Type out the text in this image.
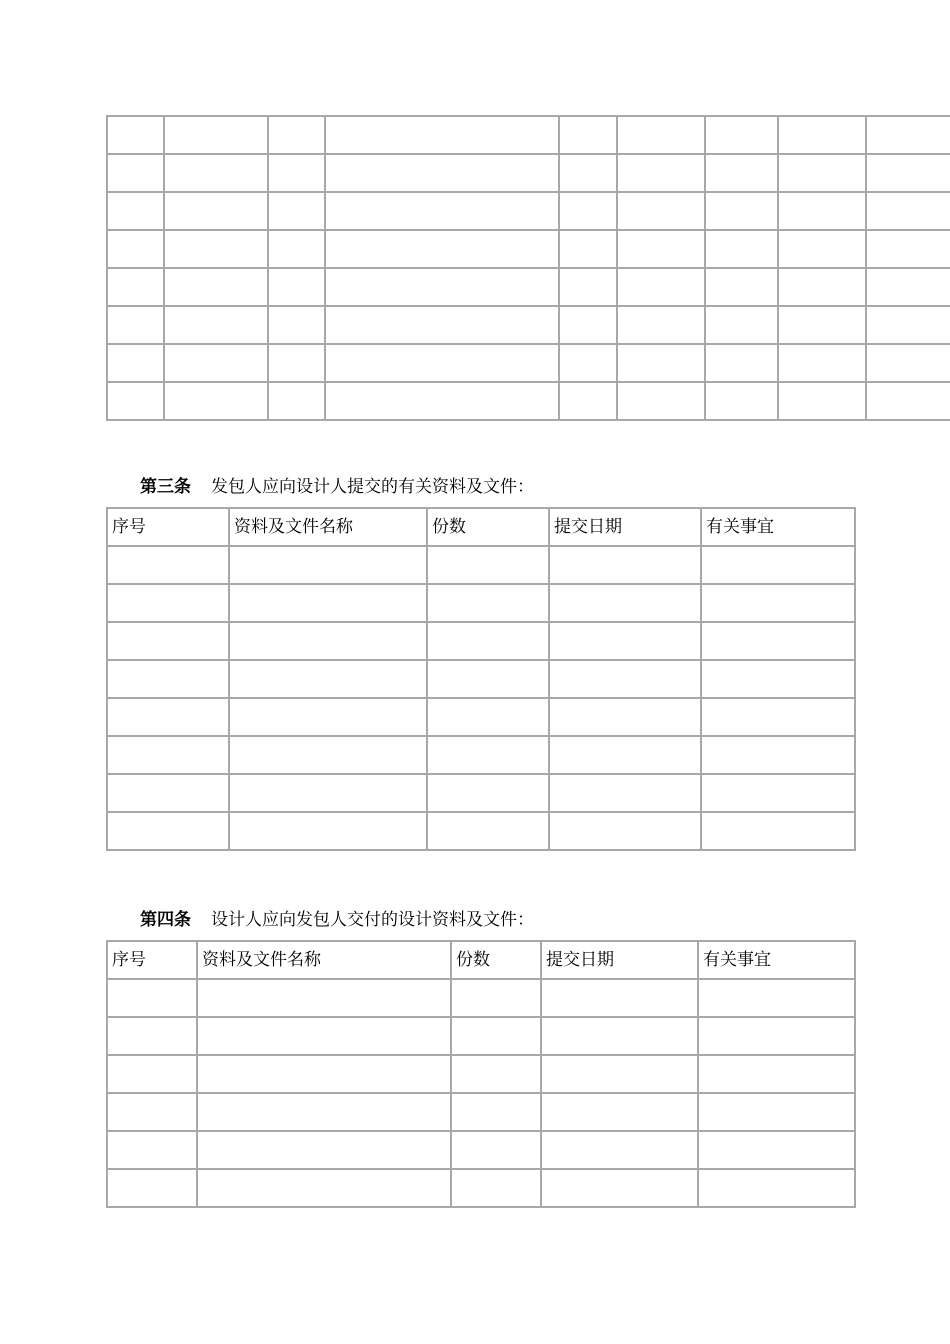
第三条 发包人应向设计人提交的有关资料及文件：
序号	资料及文件名称	份数	提交日期	有关事宜

第四条 设计人应向发包人交付的设计资料及文件：
序号	资料及文件名称	份数	提交日期	有关事宜
